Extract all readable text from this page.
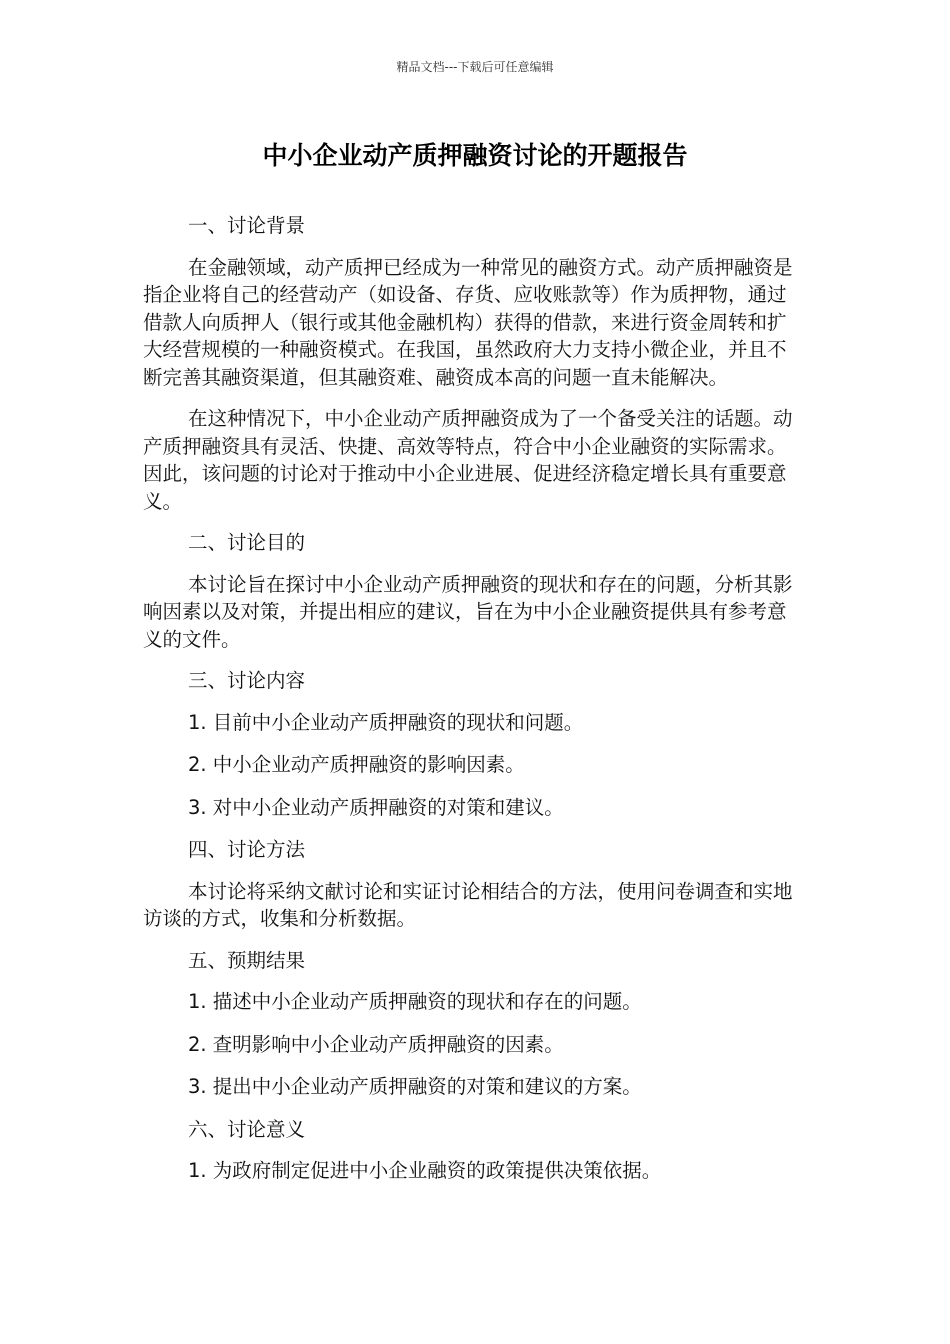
精品文档---下载后可任意编辑
中小企业动产质押融资讨论的开题报告

一、讨论背景

在金融领域，动产质押已经成为一种常见的融资方式。动产质押融资是指企业将自己的经营动产（如设备、存货、应收账款等）作为质押物，通过借款人向质押人（银行或其他金融机构）获得的借款，来进行资金周转和扩大经营规模的一种融资模式。在我国，虽然政府大力支持小微企业，并且不断完善其融资渠道，但其融资难、融资成本高的问题一直未能解决。

在这种情况下，中小企业动产质押融资成为了一个备受关注的话题。动产质押融资具有灵活、快捷、高效等特点，符合中小企业融资的实际需求。因此，该问题的讨论对于推动中小企业进展、促进经济稳定增长具有重要意义。

二、讨论目的

本讨论旨在探讨中小企业动产质押融资的现状和存在的问题，分析其影响因素以及对策，并提出相应的建议，旨在为中小企业融资提供具有参考意义的文件。

三、讨论内容

1. 目前中小企业动产质押融资的现状和问题。

2. 中小企业动产质押融资的影响因素。

3. 对中小企业动产质押融资的对策和建议。

四、讨论方法

本讨论将采纳文献讨论和实证讨论相结合的方法，使用问卷调查和实地访谈的方式，收集和分析数据。

五、预期结果

1. 描述中小企业动产质押融资的现状和存在的问题。

2. 查明影响中小企业动产质押融资的因素。

3. 提出中小企业动产质押融资的对策和建议的方案。

六、讨论意义

1. 为政府制定促进中小企业融资的政策提供决策依据。
